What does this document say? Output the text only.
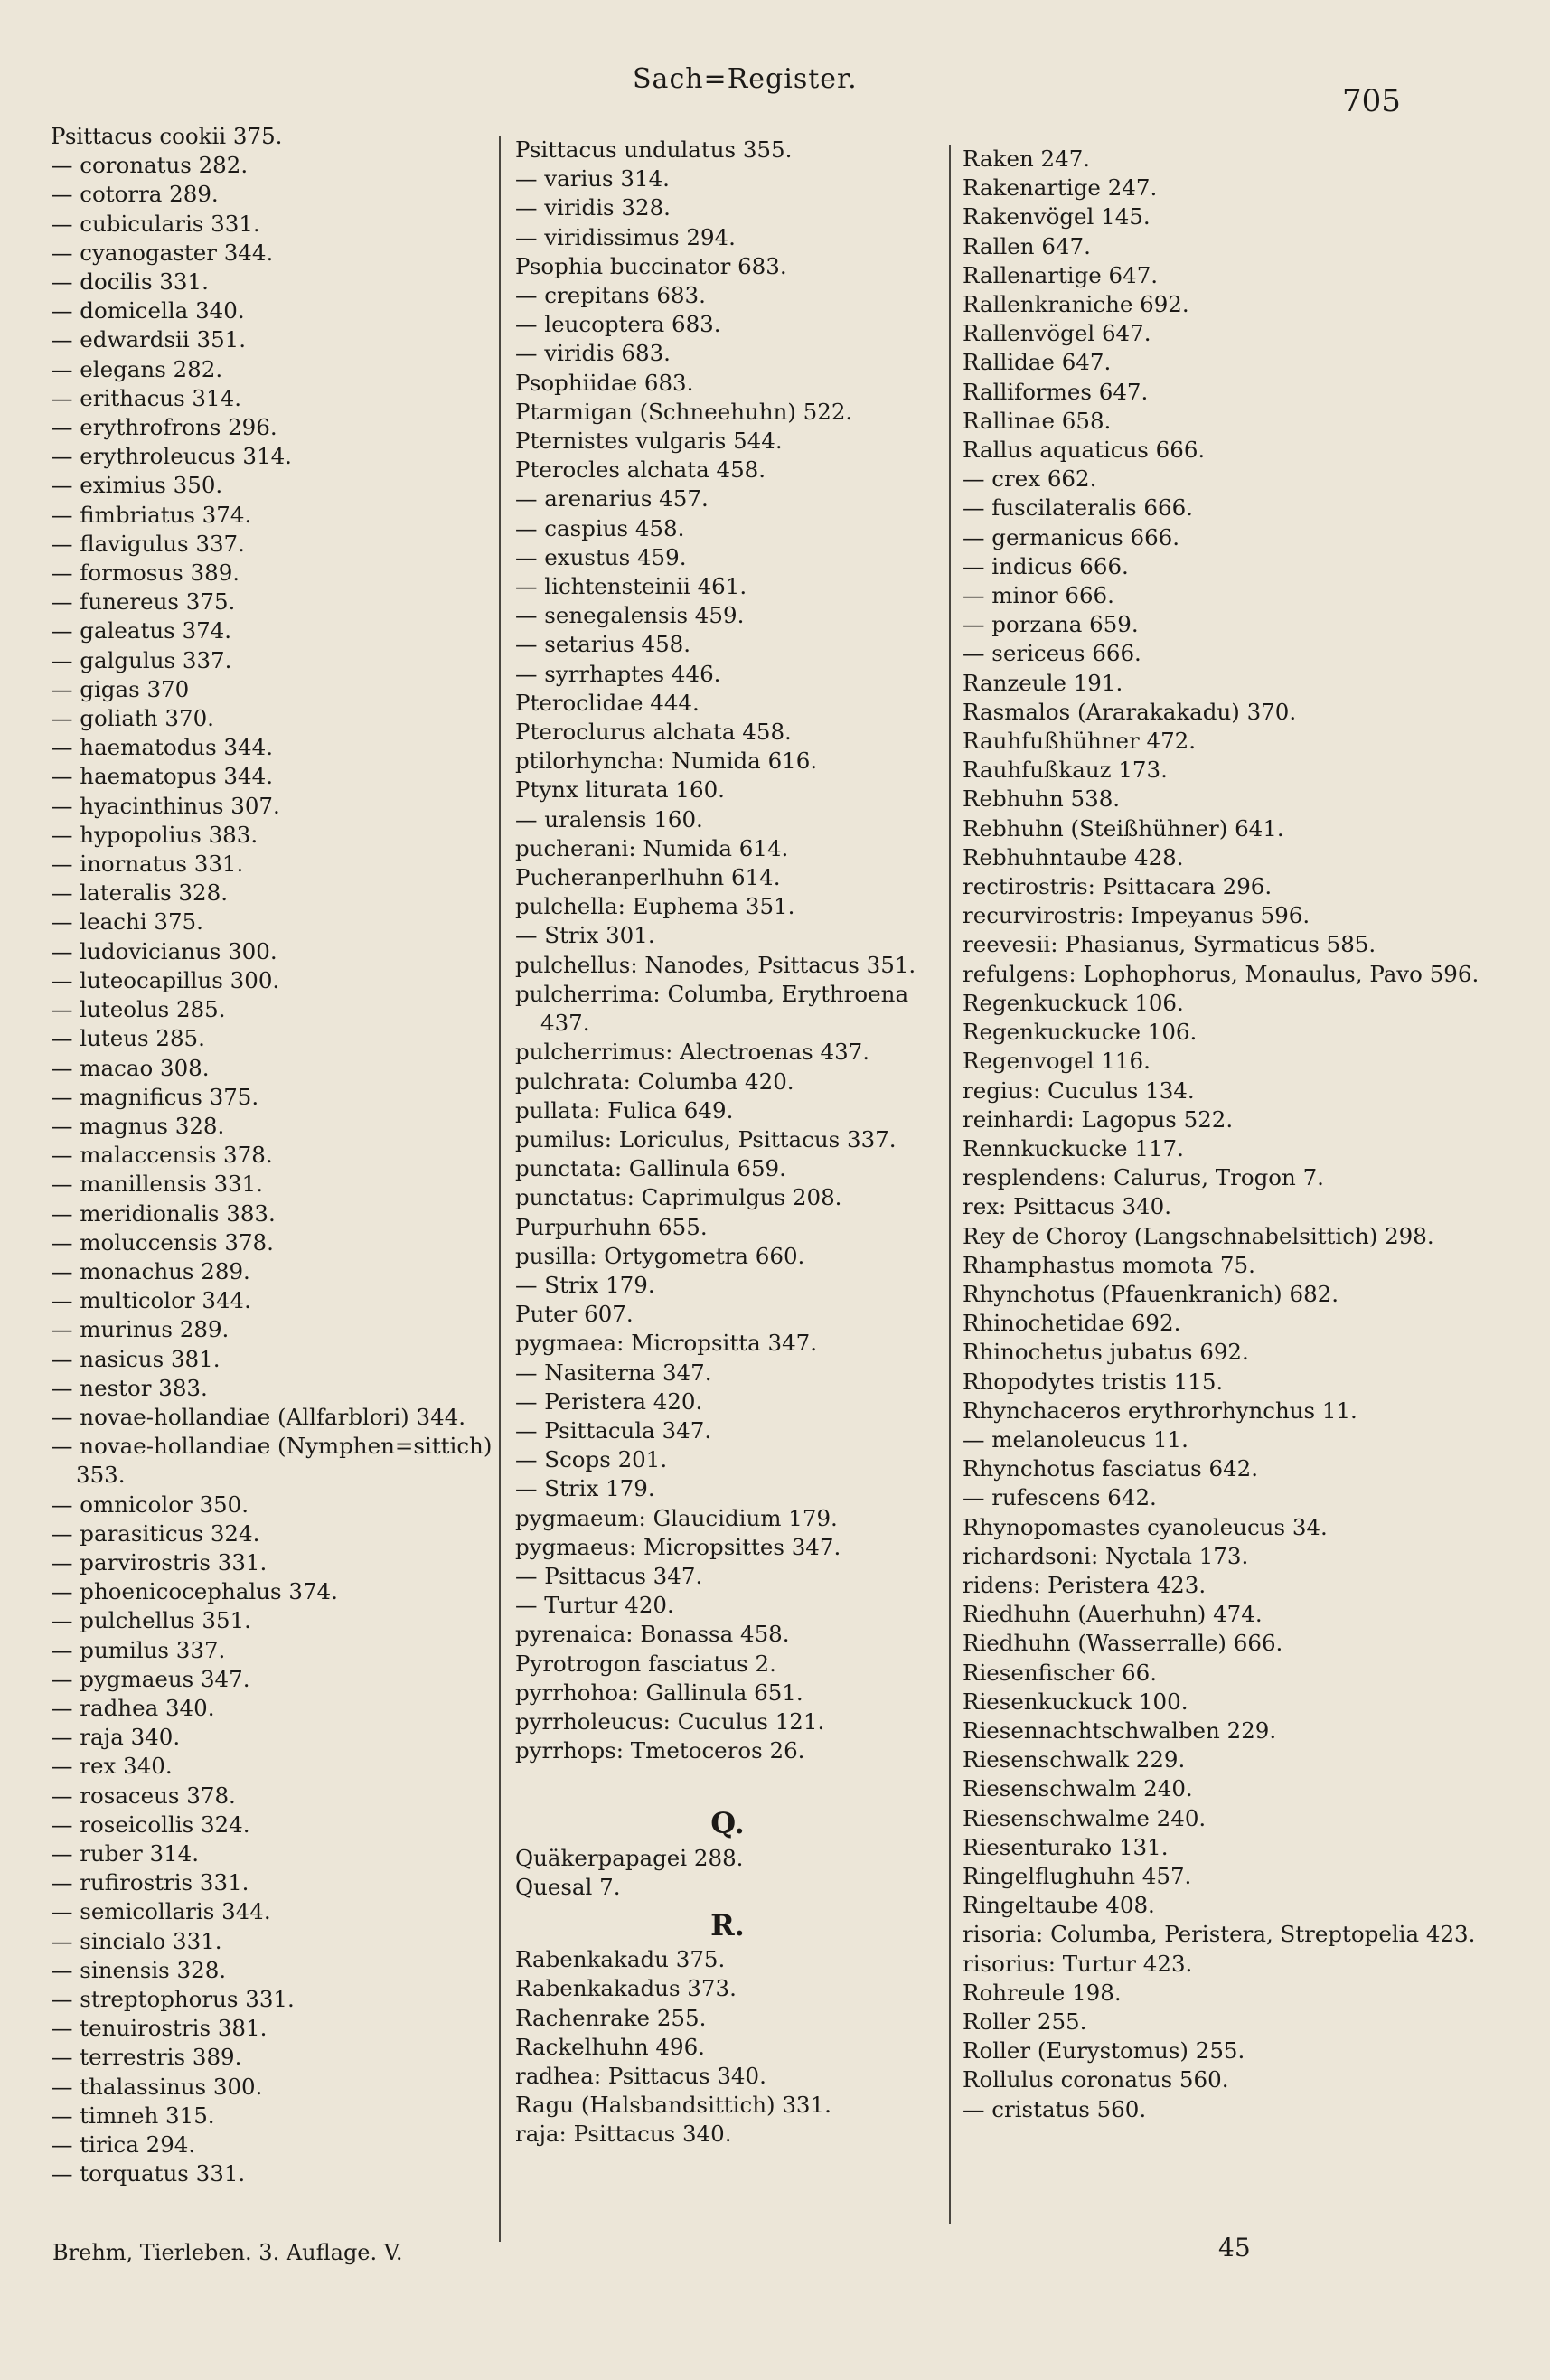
Sach=Register.
705
Psittacus cookii 375.
— coronatus 282.
— cotorra 289.
— cubicularis 331.
— cyanogaster 344.
— docilis 331.
— domicella 340.
— edwardsii 351.
— elegans 282.
— erithacus 314.
— erythrofrons 296.
— erythroleucus 314.
— eximius 350.
— fimbriatus 374.
— flavigulus 337.
— formosus 389.
— funereus 375.
— galeatus 374.
— galgulus 337.
— gigas 370
— goliath 370.
— haematodus 344.
— haematopus 344.
— hyacinthinus 307.
— hypopolius 383.
— inornatus 331.
— lateralis 328.
— leachi 375.
— ludovicianus 300.
— luteocapillus 300.
— luteolus 285.
— luteus 285.
— macao 308.
— magnificus 375.
— magnus 328.
— malaccensis 378.
— manillensis 331.
— meridionalis 383.
— moluccensis 378.
— monachus 289.
— multicolor 344.
— murinus 289.
— nasicus 381.
— nestor 383.
— novae-hollandiae (Allfarblori) 344.
— novae-hollandiae (Nymphen=sittich) 353.
— omnicolor 350.
— parasiticus 324.
— parvirostris 331.
— phoenicocephalus 374.
— pulchellus 351.
— pumilus 337.
— pygmaeus 347.
— radhea 340.
— raja 340.
— rex 340.
— rosaceus 378.
— roseicollis 324.
— ruber 314.
— rufirostris 331.
— semicollaris 344.
— sincialo 331.
— sinensis 328.
— streptophorus 331.
— tenuirostris 381.
— terrestris 389.
— thalassinus 300.
— timneh 315.
— tirica 294.
— torquatus 331.
Psittacus undulatus 355.
— varius 314.
— viridis 328.
— viridissimus 294.
Psophia buccinator 683.
— crepitans 683.
— leucoptera 683.
— viridis 683.
Psophiidae 683.
Ptarmigan (Schneehuhn) 522.
Pternistes vulgaris 544.
Pterocles alchata 458.
— arenarius 457.
— caspius 458.
— exustus 459.
— lichtensteinii 461.
— senegalensis 459.
— setarius 458.
— syrrhaptes 446.
Pteroclidae 444.
Pteroclurus alchata 458.
ptilorhyncha: Numida 616.
Ptynx liturata 160.
— uralensis 160.
pucherani: Numida 614.
Pucheranperlhuhn 614.
pulchella: Euphema 351.
— Strix 301.
pulchellus: Nanodes, Psittacus 351.
pulcherrima: Columba, Erythroena 437.
pulcherrimus: Alectroenas 437.
pulchrata: Columba 420.
pullata: Fulica 649.
pumilus: Loriculus, Psittacus 337.
punctata: Gallinula 659.
punctatus: Caprimulgus 208.
Purpurhuhn 655.
pusilla: Ortygometra 660.
— Strix 179.
Puter 607.
pygmaea: Micropsitta 347.
— Nasiterna 347.
— Peristera 420.
— Psittacula 347.
— Scops 201.
— Strix 179.
pygmaeum: Glaucidium 179.
pygmaeus: Micropsittes 347.
— Psittacus 347.
— Turtur 420.
pyrenaica: Bonassa 458.
Pyrotrogon fasciatus 2.
pyrrhohoa: Gallinula 651.
pyrrholeucus: Cuculus 121.
pyrrhops: Tmetoceros 26.
Q.
Quäkerpapagei 288.
Quesal 7.
R.
Rabenkakadu 375.
Rabenkakadus 373.
Rachenrake 255.
Rackelhuhn 496.
radhea: Psittacus 340.
Ragu (Halsbandsittich) 331.
raja: Psittacus 340.
Raken 247.
Rakenartige 247.
Rakenvögel 145.
Rallen 647.
Rallenartige 647.
Rallenkraniche 692.
Rallenvögel 647.
Rallidae 647.
Ralliformes 647.
Rallinae 658.
Rallus aquaticus 666.
— crex 662.
— fuscilateralis 666.
— germanicus 666.
— indicus 666.
— minor 666.
— porzana 659.
— sericeus 666.
Ranzeule 191.
Rasmalos (Ararakakadu) 370.
Rauhfußhühner 472.
Rauhfußkauz 173.
Rebhuhn 538.
Rebhuhn (Steißhühner) 641.
Rebhuhntaube 428.
rectirostris: Psittacara 296.
recurvirostris: Impeyanus 596.
reevesii: Phasianus, Syrmaticus 585.
refulgens: Lophophorus, Monaulus, Pavo 596.
Regenkuckuck 106.
Regenkuckucke 106.
Regenvogel 116.
regius: Cuculus 134.
reinhardi: Lagopus 522.
Rennkuckucke 117.
resplendens: Calurus, Trogon 7.
rex: Psittacus 340.
Rey de Choroy (Langschnabelsittich) 298.
Rhamphastus momota 75.
Rhynchotus (Pfauenkranich) 682.
Rhinochetidae 692.
Rhinochetus jubatus 692.
Rhopodytes tristis 115.
Rhynchaceros erythrorhynchus 11.
— melanoleucus 11.
Rhynchotus fasciatus 642.
— rufescens 642.
Rhynopomastes cyanoleucus 34.
richardsoni: Nyctala 173.
ridens: Peristera 423.
Riedhuhn (Auerhuhn) 474.
Riedhuhn (Wasserralle) 666.
Riesenfischer 66.
Riesenkuckuck 100.
Riesennachtschwalben 229.
Riesenschwalk 229.
Riesenschwalm 240.
Riesenschwalme 240.
Riesenturako 131.
Ringelflughuhn 457.
Ringeltaube 408.
risoria: Columba, Peristera, Streptopelia 423.
risorius: Turtur 423.
Rohreule 198.
Roller 255.
Roller (Eurystomus) 255.
Rollulus coronatus 560.
— cristatus 560.
Brehm, Tierleben. 3. Auflage. V.	45
